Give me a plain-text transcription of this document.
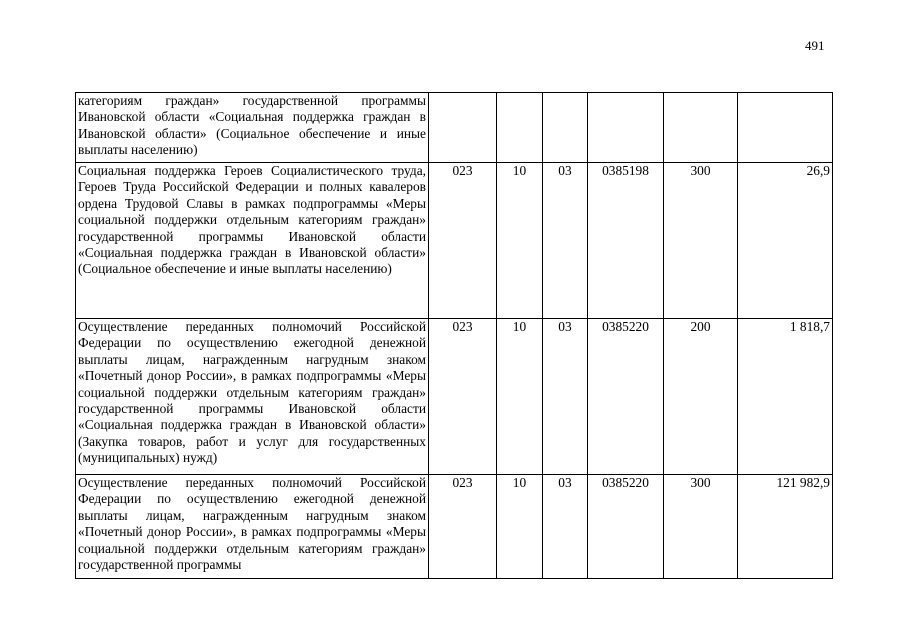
491
категориям граждан» государственной программы Ивановской области «Социальная поддержка граждан в Ивановской области» (Социальное обеспечение и иные выплаты населению)						
Социальная поддержка Героев Социалистического труда, Героев Труда Российской Федерации и полных кавалеров ордена Трудовой Славы в рамках подпрограммы «Меры социальной поддержки отдельным категориям граждан» государственной программы Ивановской области «Социальная поддержка граждан в Ивановской области» (Социальное обеспечение и иные выплаты населению)	023	10	03	0385198	300	26,9
Осуществление переданных полномочий Российской Федерации по осуществлению ежегодной денежной выплаты лицам, награжденным нагрудным знаком «Почетный донор России», в рамках подпрограммы «Меры социальной поддержки отдельным категориям граждан» государственной программы Ивановской области «Социальная поддержка граждан в Ивановской области» (Закупка товаров, работ и услуг для государственных (муниципальных) нужд)	023	10	03	0385220	200	1 818,7
Осуществление переданных полномочий Российской Федерации по осуществлению ежегодной денежной выплаты лицам, награжденным нагрудным знаком «Почетный донор России», в рамках подпрограммы «Меры социальной поддержки отдельным категориям граждан» государственной программы	023	10	03	0385220	300	121 982,9
